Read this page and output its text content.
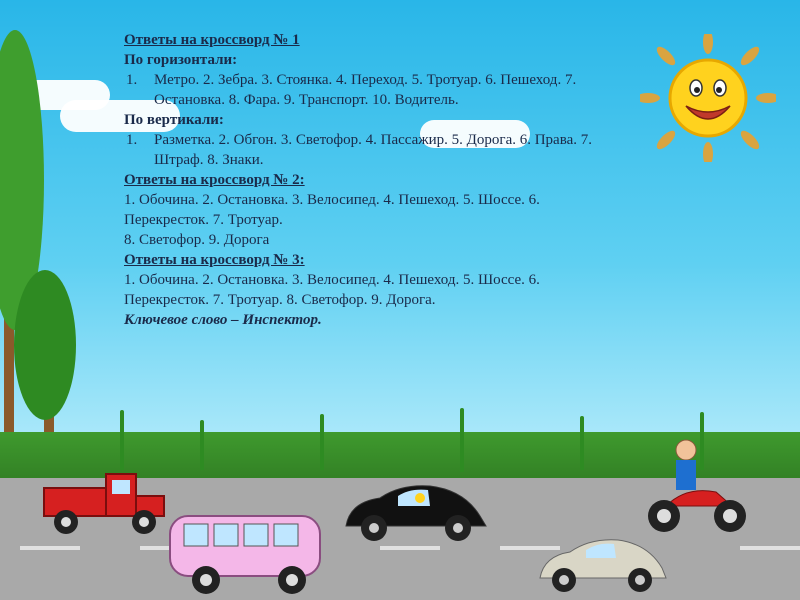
Ответы на кроссворд № 1

По горизонтали:

1.	Метро. 2. Зебра. 3. Стоянка. 4. Переход. 5. Тротуар. 6. Пешеход. 7. Остановка. 8. Фара. 9. Транспорт. 10. Водитель.

По вертикали:

1.	Разметка. 2. Обгон. 3. Светофор. 4. Пассажир. 5. Дорога. 6. Права. 7. Штраф. 8. Знаки.

Ответы на кроссворд № 2:

1. Обочина. 2. Остановка. 3. Велосипед. 4. Пешеход. 5. Шоссе. 6. Перекресток. 7. Тротуар.

8. Светофор. 9. Дорога

Ответы на кроссворд № 3:

1. Обочина. 2. Остановка. 3. Велосипед. 4. Пешеход. 5. Шоссе. 6. Перекресток. 7. Тротуар. 8. Светофор. 9. Дорога.

Ключевое слово – Инспектор.
